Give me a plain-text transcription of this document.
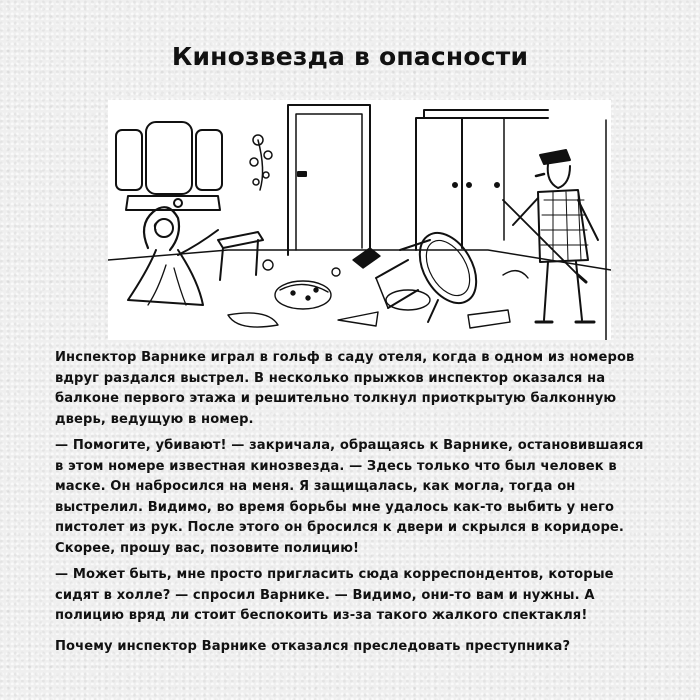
Кинозвезда в опасности

Инспектор Варнике играл в гольф в саду отеля, когда в одном из номеров вдруг раздался выстрел. В несколько прыжков инспектор оказался на балконе первого этажа и решительно толкнул приоткрытую балконную дверь, ведущую в номер.

— Помогите, убивают! — закричала, обращаясь к Варнике, остановившаяся в этом номере известная кинозвезда. — Здесь только что был человек в маске. Он набросился на меня. Я защищалась, как могла, тогда он выстрелил. Видимо, во время борьбы мне удалось как-то выбить у него пистолет из рук. После этого он бросился к двери и скрылся в коридоре. Скорее, прошу вас, позовите полицию!

— Может быть, мне просто пригласить сюда корреспондентов, которые сидят в холле? — спросил Варнике. — Видимо, они-то вам и нужны. А полицию вряд ли стоит беспокоить из-за такого жалкого спектакля!

Почему инспектор Варнике отказался преследовать преступника?
